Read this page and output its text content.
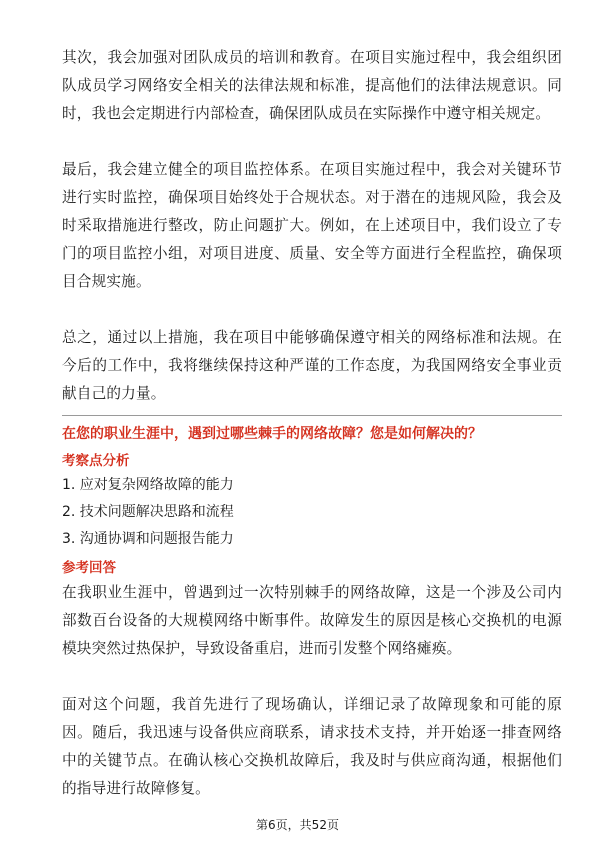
其次，我会加强对团队成员的培训和教育。在项目实施过程中，我会组织团队成员学习网络安全相关的法律法规和标准，提高他们的法律法规意识。同时，我也会定期进行内部检查，确保团队成员在实际操作中遵守相关规定。

最后，我会建立健全的项目监控体系。在项目实施过程中，我会对关键环节进行实时监控，确保项目始终处于合规状态。对于潜在的违规风险，我会及时采取措施进行整改，防止问题扩大。例如，在上述项目中，我们设立了专门的项目监控小组，对项目进度、质量、安全等方面进行全程监控，确保项目合规实施。

总之，通过以上措施，我在项目中能够确保遵守相关的网络标准和法规。在今后的工作中，我将继续保持这种严谨的工作态度，为我国网络安全事业贡献自己的力量。

在您的职业生涯中，遇到过哪些棘手的网络故障？您是如何解决的？

考察点分析

1. 应对复杂网络故障的能力

2. 技术问题解决思路和流程

3. 沟通协调和问题报告能力

参考回答

在我职业生涯中，曾遇到过一次特别棘手的网络故障，这是一个涉及公司内部数百台设备的大规模网络中断事件。故障发生的原因是核心交换机的电源模块突然过热保护，导致设备重启，进而引发整个网络瘫痪。

面对这个问题，我首先进行了现场确认，详细记录了故障现象和可能的原因。随后，我迅速与设备供应商联系，请求技术支持，并开始逐一排查网络中的关键节点。在确认核心交换机故障后，我及时与供应商沟通，根据他们的指导进行故障修复。

第6页，共52页
